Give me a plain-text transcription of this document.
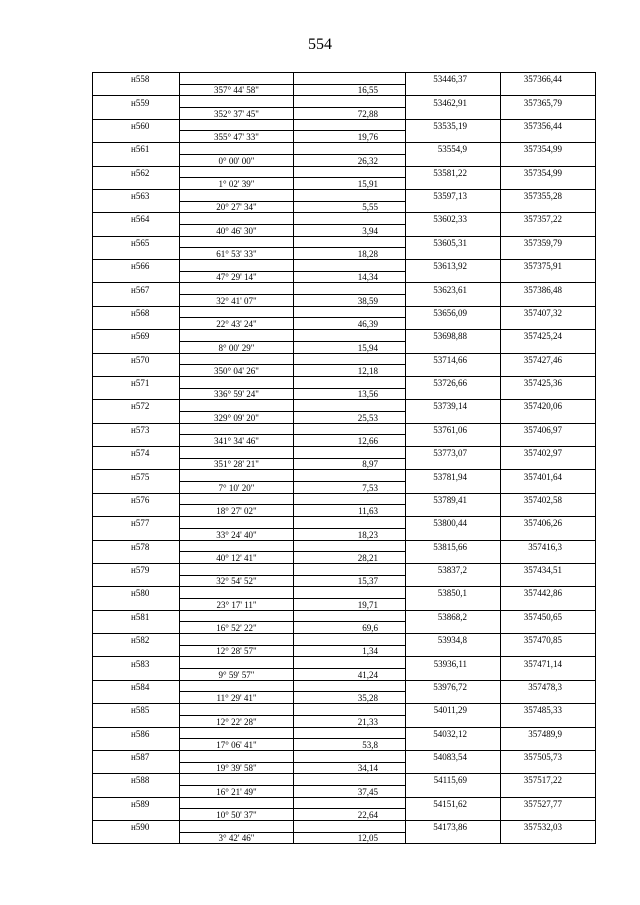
554
н558			53446,37	357366,44
	357° 44' 58"	16,55		
н559			53462,91	357365,79
	352° 37' 45"	72,88		
н560			53535,19	357356,44
	355° 47' 33"	19,76		
н561			53554,9	357354,99
	0° 00' 00"	26,32		
н562			53581,22	357354,99
	1° 02' 39"	15,91		
н563			53597,13	357355,28
	20° 27' 34"	5,55		
н564			53602,33	357357,22
	40° 46' 30"	3,94		
н565			53605,31	357359,79
	61° 53' 33"	18,28		
н566			53613,92	357375,91
	47° 29' 14"	14,34		
н567			53623,61	357386,48
	32° 41' 07"	38,59		
н568			53656,09	357407,32
	22° 43' 24"	46,39		
н569			53698,88	357425,24
	8° 00' 29"	15,94		
н570			53714,66	357427,46
	350° 04' 26"	12,18		
н571			53726,66	357425,36
	336° 59' 24"	13,56		
н572			53739,14	357420,06
	329° 09' 20"	25,53		
н573			53761,06	357406,97
	341° 34' 46"	12,66		
н574			53773,07	357402,97
	351° 28' 21"	8,97		
н575			53781,94	357401,64
	7° 10' 20"	7,53		
н576			53789,41	357402,58
	18° 27' 02"	11,63		
н577			53800,44	357406,26
	33° 24' 40"	18,23		
н578			53815,66	357416,3
	40° 12' 41"	28,21		
н579			53837,2	357434,51
	32° 54' 52"	15,37		
н580			53850,1	357442,86
	23° 17' 11"	19,71		
н581			53868,2	357450,65
	16° 52' 22"	69,6		
н582			53934,8	357470,85
	12° 28' 57"	1,34		
н583			53936,11	357471,14
	9° 59' 57"	41,24		
н584			53976,72	357478,3
	11° 29' 41"	35,28		
н585			54011,29	357485,33
	12° 22' 28"	21,33		
н586			54032,12	357489,9
	17° 06' 41"	53,8		
н587			54083,54	357505,73
	19° 39' 58"	34,14		
н588			54115,69	357517,22
	16° 21' 49"	37,45		
н589			54151,62	357527,77
	10° 50' 37"	22,64		
н590			54173,86	357532,03
	3° 42' 46"	12,05		
